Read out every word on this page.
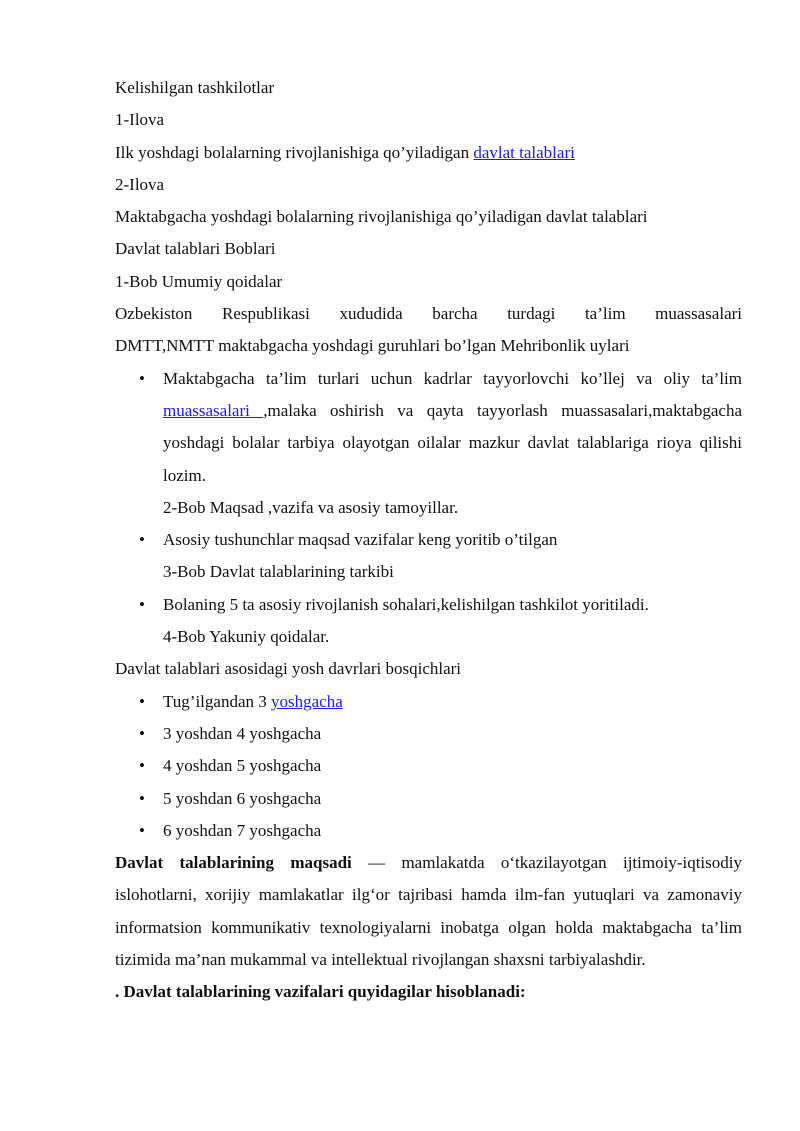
Kelishilgan tashkilotlar

1-Ilova

Ilk yoshdagi bolalarning rivojlanishiga qo’yiladigan davlat talablari

2-Ilova

Maktabgacha yoshdagi bolalarning rivojlanishiga qo’yiladigan davlat talablari

Davlat talablari Boblari

1-Bob Umumiy qoidalar

Ozbekiston Respublikasi xududida barcha turdagi ta’lim muassasalari

DMTT,NMTT maktabgacha yoshdagi guruhlari bo’lgan Mehribonlik uylari

• Maktabgacha ta’lim turlari uchun kadrlar tayyorlovchi ko’llej va oliy ta’lim muassasalari ,malaka oshirish va qayta tayyorlash muassasalari,maktabgacha yoshdagi bolalar tarbiya olayotgan oilalar mazkur davlat talablariga rioya qilishi lozim.

2-Bob Maqsad ,vazifa va asosiy tamoyillar.

• Asosiy tushunchlar maqsad vazifalar keng yoritib o’tilgan

3-Bob Davlat talablarining tarkibi

• Bolaning 5 ta asosiy rivojlanish sohalari,kelishilgan tashkilot yoritiladi.

4-Bob Yakuniy qoidalar.

Davlat talablari asosidagi yosh davrlari bosqichlari

• Tug’ilgandan 3 yoshgacha

• 3 yoshdan 4 yoshgacha

• 4 yoshdan 5 yoshgacha

• 5 yoshdan 6 yoshgacha

• 6 yoshdan 7 yoshgacha

Davlat talablarining maqsadi — mamlakatda o‘tkazilayotgan ijtimoiy-iqtisodiy islohotlarni, xorijiy mamlakatlar ilg‘or tajribasi hamda ilm-fan yutuqlari va zamonaviy informatsion kommunikativ texnologiyalarni inobatga olgan holda maktabgacha ta’lim tizimida ma’nan mukammal va intellektual rivojlangan shaxsni tarbiyalashdir.

. Davlat talablarining vazifalari quyidagilar hisoblanadi:
